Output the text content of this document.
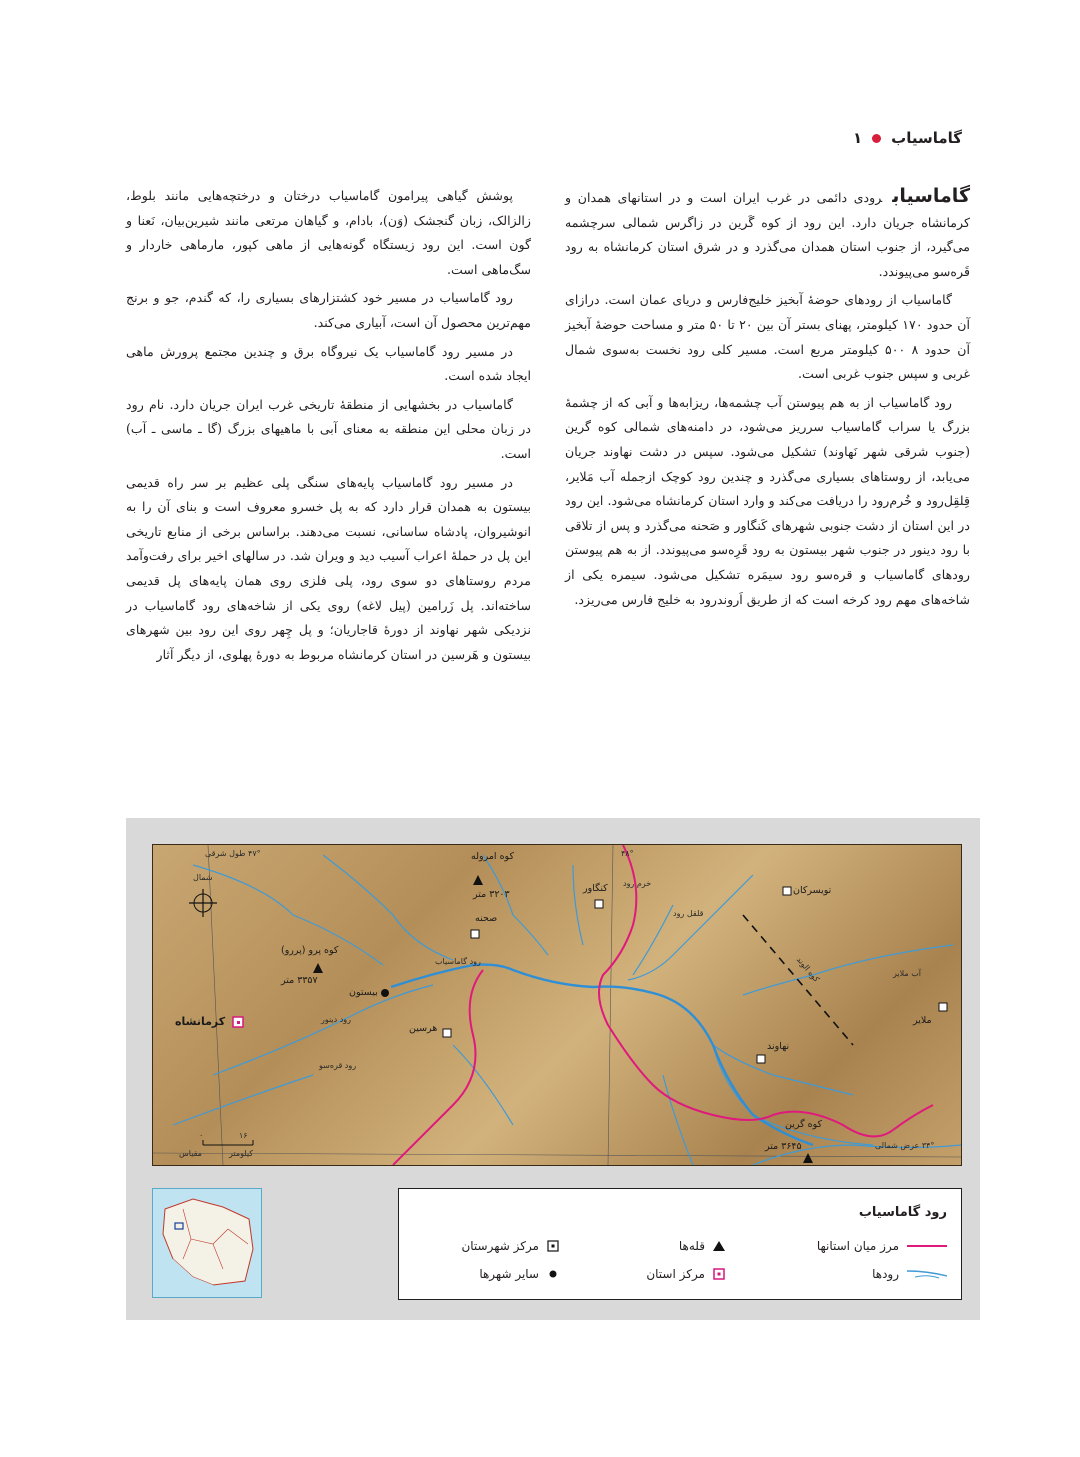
گاماسیاب
۱

گاماسیابرودی دائمی در غرب ایران است و در استانهای همدان و کرمانشاه جریان دارد. این رود از کوه گَرین در زاگرس شمالی سرچشمه می‌گیرد، از جنوب استان همدان می‌گذرد و در شرق استان کرمانشاه به رود قَره‌سو می‌پیوندد.

گاماسیاب از رودهای حوضهٔ آبخیز خلیج‌فارس و دریای عمان است. درازای آن حدود ۱۷۰ کیلومتر، پهنای بستر آن بین ۲۰ تا ۵۰ متر و مساحت حوضهٔ آبخیز آن حدود ۸ ۵۰۰ کیلومتر مربع است. مسیر کلی رود نخست به‌سوی شمال غربی و سپس جنوب غربی است.

رود گاماسیاب از به هم پیوستن آب چشمه‌ها، ریزابه‌ها و آبی که از چشمهٔ بزرگ یا سراب گاماسیاب سرریز می‌شود، در دامنه‌های شمالی کوه گرین (جنوب شرقی شهر نَهاوند) تشکیل می‌شود. سپس در دشت نهاوند جریان می‌یابد، از روستاهای بسیاری می‌گذرد و چندین رود کوچک ازجمله آب مَلایر، قِلقِل‌رود و خُرم‌رود را دریافت می‌کند و وارد استان کرمانشاه می‌شود. این رود در این استان از دشت جنوبی شهرهای کَنگاور و صَحنه می‌گذرد و پس از تلاقی با رود دینور در جنوب شهر بیستون به رود قَرِه‌سو می‌پیوندد. از به هم پیوستن رودهای گاماسیاب و قره‌سو رود سیمَره تشکیل می‌شود. سیمره یکی از شاخه‌های مهم رود کرخه است که از طریق اَروندرود به خلیج فارس می‌ریزد.

پوشش گیاهی پیرامون گاماسیاب درختان و درختچه‌هایی مانند بلوط، زالزالک، زبان گنجشک (وَن)، بادام، و گیاهان مرتعی مانند شیرین‌بیان، نَعنا و گون است. این رود زیستگاه گونه‌هایی از ماهی کپور، مارماهی خاردار و سگ‌ماهی است.

رود گاماسیاب در مسیر خود کشتزارهای بسیاری را، که گندم، جو و برنج مهم‌ترین محصول آن است، آبیاری می‌کند.

در مسیر رود گاماسیاب یک نیروگاه برق و چندین مجتمع پرورش ماهی ایجاد شده است.

گاماسیاب در بخشهایی از منطقهٔ تاریخی غرب ایران جریان دارد. نام رود در زبان محلی این منطقه به معنای آبی با ماهیهای بزرگ (گا ـ ماسی ـ آب) است.

در مسیر رود گاماسیاب پایه‌های سنگی پلی عظیم بر سر راه قدیمی بیستون به همدان قرار دارد که به پل خسرو معروف است و بنای آن را به انوشیروان، پادشاه ساسانی، نسبت می‌دهند. براساس برخی از منابع تاریخی این پل در حملهٔ اعراب آسیب دید و ویران شد. در سالهای اخیر برای رفت‌وآمد مردم روستاهای دو سوی رود، پلی فلزی روی همان پایه‌های پل قدیمی ساخته‌اند. پل زَرامین (پیل لاغه) روی یکی از شاخه‌های رود گاماسیاب در نزدیکی شهر نهاوند از دورهٔ قاجاریان؛ و پل چِهر روی این رود بین شهرهای بیستون و هَرسین در استان کرمانشاه مربوط به دورهٔ پهلوی، از دیگر آثار

کرمانشاه
بیستون
هرسین
صحنه
کنگاور	تویسرکان
نهاوند
ملایر
کوه پرو (پررو)
۳۳۵۷ متر
کوه امروله
۳۲۰۳ متر
کوه گرین
۳۶۴۵ متر
رود گاماسیاب
رود دینور
رود قره‌سو
قلقل رود
خرم رود
آب ملایر
کوه الوند
۴۷° طول شرقی	۴۸°
۳۴° عرض شمالی
شمال
۱۶
۰
کیلومتر
مقیاس
رود گاماسیاب
مرز میان استانها
رودها
قله‌ها
مرکز استان
مرکز شهرستان
سایر شهرها
